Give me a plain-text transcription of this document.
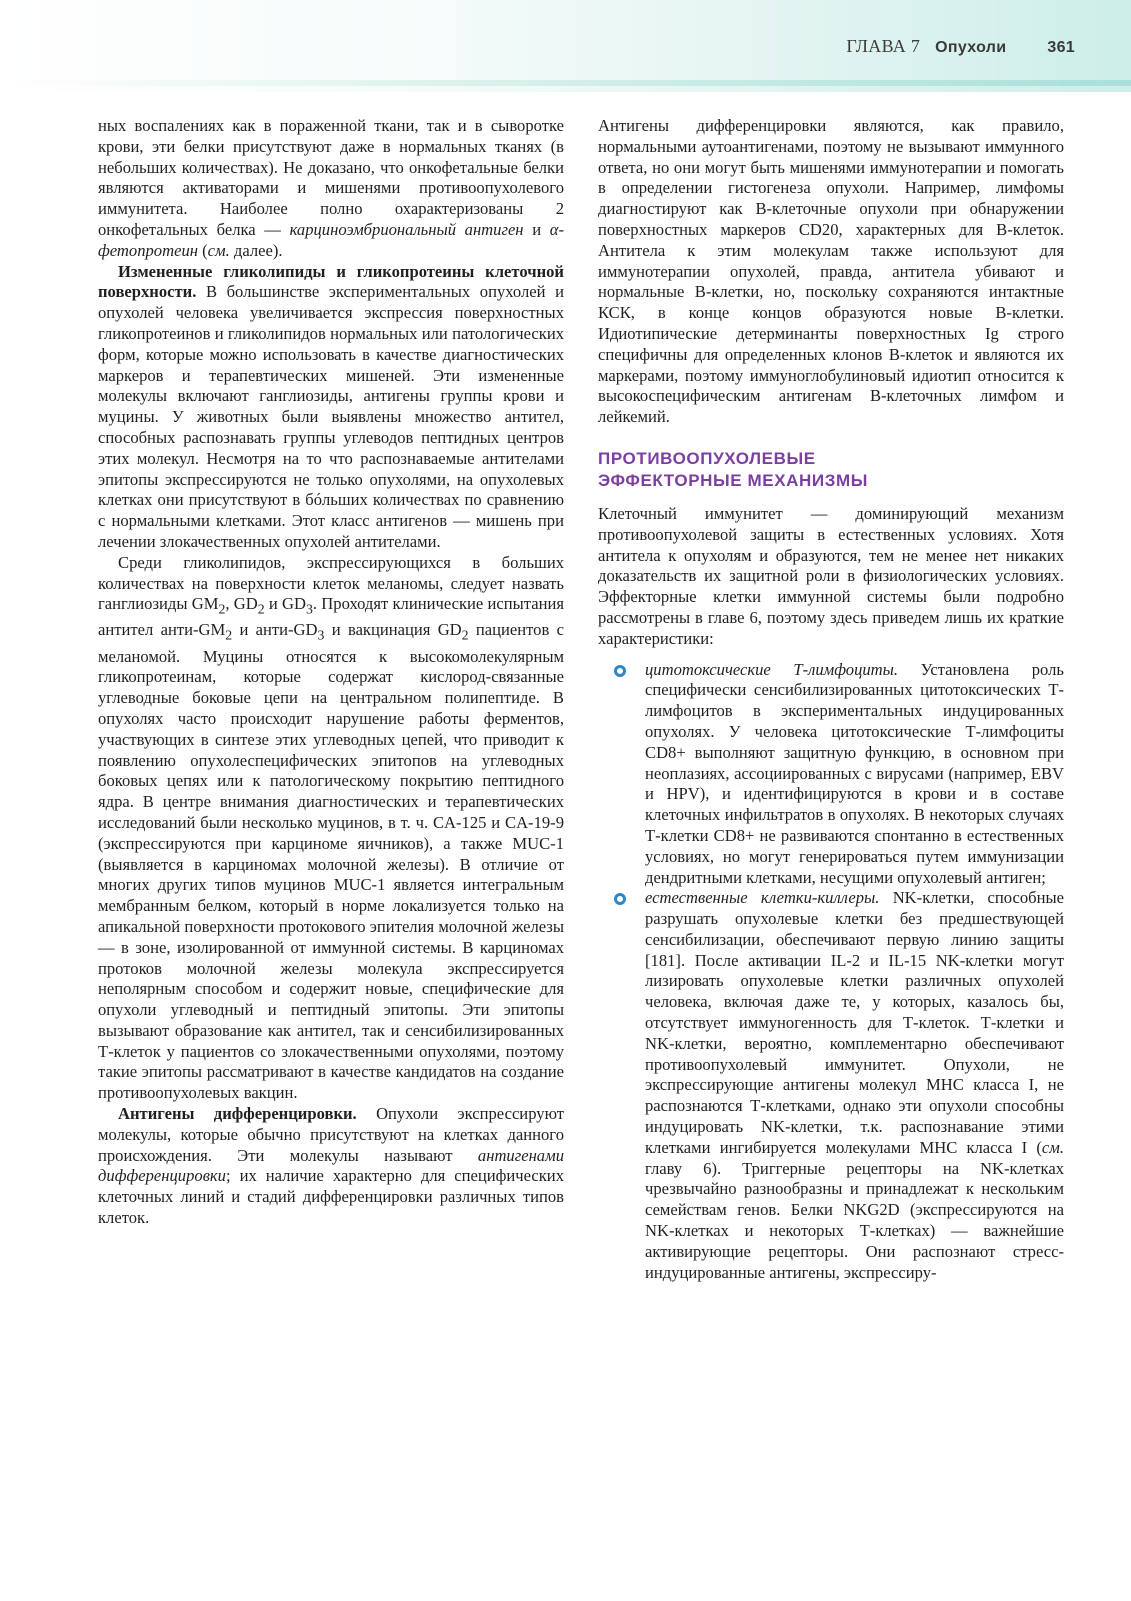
ГЛАВА 7 Опухоли	361

ных воспалениях как в пораженной ткани, так и в сыворотке крови, эти белки присутствуют даже в нормальных тканях (в небольших количествах). Не доказано, что онкофетальные белки являются активаторами и мишенями противоопухолевого иммунитета. Наиболее полно охарактеризованы 2 онкофетальных белка — карциноэмбриональный антиген и α-фетопротеин (см. далее).

Измененные гликолипиды и гликопротеины клеточной поверхности. В большинстве экспериментальных опухолей и опухолей человека увеличивается экспрессия поверхностных гликопротеинов и гликолипидов нормальных или патологических форм, которые можно использовать в качестве диагностических маркеров и терапевтических мишеней. Эти измененные молекулы включают ганглиозиды, антигены группы крови и муцины. У животных были выявлены множество антител, способных распознавать группы углеводов пептидных центров этих молекул. Несмотря на то что распознаваемые антителами эпитопы экспрессируются не только опухолями, на опухолевых клетках они присутствуют в бóльших количествах по сравнению с нормальными клетками. Этот класс антигенов — мишень при лечении злокачественных опухолей антителами.

Среди гликолипидов, экспрессирующихся в больших количествах на поверхности клеток меланомы, следует назвать ганглиозиды $GM_2$, $GD_2$ и $GD_3$. Проходят клинические испытания антител анти-$GM_2$ и анти-$GD_3$ и вакцинация $GD_2$ пациентов с меланомой. Муцины относятся к высокомолекулярным гликопротеинам, которые содержат кислород-связанные углеводные боковые цепи на центральном полипептиде. В опухолях часто происходит нарушение работы ферментов, участвующих в синтезе этих углеводных цепей, что приводит к появлению опухолеспецифических эпитопов на углеводных боковых цепях или к патологическому покрытию пептидного ядра. В центре внимания диагностических и терапевтических исследований были несколько муцинов, в т. ч. CA-125 и CA-19-9 (экспрессируются при карциноме яичников), а также MUC-1 (выявляется в карциномах молочной железы). В отличие от многих других типов муцинов MUC-1 является интегральным мембранным белком, который в норме локализуется только на апикальной поверхности протокового эпителия молочной железы — в зоне, изолированной от иммунной системы. В карциномах протоков молочной железы молекула экспрессируется неполярным способом и содержит новые, специфические для опухоли углеводный и пептидный эпитопы. Эти эпитопы вызывают образование как антител, так и сенсибилизированных Т-клеток у пациентов со злокачественными опухолями, поэтому такие эпитопы рассматривают в качестве кандидатов на создание противоопухолевых вакцин.

Антигены дифференцировки. Опухоли экспрессируют молекулы, которые обычно присутствуют на клетках данного происхождения. Эти молекулы называют антигенами дифференцировки; их наличие характерно для специфических клеточных линий и стадий дифференцировки различных типов клеток.

Антигены дифференцировки являются, как правило, нормальными аутоантигенами, поэтому не вызывают иммунного ответа, но они могут быть мишенями иммунотерапии и помогать в определении гистогенеза опухоли. Например, лимфомы диагностируют как В-клеточные опухоли при обнаружении поверхностных маркеров CD20, характерных для В-клеток. Антитела к этим молекулам также используют для иммунотерапии опухолей, правда, антитела убивают и нормальные В-клетки, но, поскольку сохраняются интактные КСК, в конце концов образуются новые В-клетки. Идиотипические детерминанты поверхностных Ig строго специфичны для определенных клонов В-клеток и являются их маркерами, поэтому иммуноглобулиновый идиотип относится к высокоспецифическим антигенам В-клеточных лимфом и лейкемий.

ПРОТИВООПУХОЛЕВЫЕ
ЭФФЕКТОРНЫЕ МЕХАНИЗМЫ

Клеточный иммунитет — доминирующий механизм противоопухолевой защиты в естественных условиях. Хотя антитела к опухолям и образуются, тем не менее нет никаких доказательств их защитной роли в физиологических условиях. Эффекторные клетки иммунной системы были подробно рассмотрены в главе 6, поэтому здесь приведем лишь их краткие характеристики:

цитотоксические Т-лимфоциты. Установлена роль специфически сенсибилизированных цитотоксических Т-лимфоцитов в экспериментальных индуцированных опухолях. У человека цитотоксические Т-лимфоциты CD8+ выполняют защитную функцию, в основном при неоплазиях, ассоциированных с вирусами (например, EBV и HPV), и идентифицируются в крови и в составе клеточных инфильтратов в опухолях. В некоторых случаях Т-клетки CD8+ не развиваются спонтанно в естественных условиях, но могут генерироваться путем иммунизации дендритными клетками, несущими опухолевый антиген;
естественные клетки-киллеры. NK-клетки, способные разрушать опухолевые клетки без предшествующей сенсибилизации, обеспечивают первую линию защиты [181]. После активации IL-2 и IL-15 NK-клетки могут лизировать опухолевые клетки различных опухолей человека, включая даже те, у которых, казалось бы, отсутствует иммуногенность для Т-клеток. Т-клетки и NK-клетки, вероятно, комплементарно обеспечивают противоопухолевый иммунитет. Опухоли, не экспрессирующие антигены молекул MHC класса I, не распознаются Т-клетками, однако эти опухоли способны индуцировать NK-клетки, т.к. распознавание этими клетками ингибируется молекулами MHC класса I (см. главу 6). Триггерные рецепторы на NK-клетках чрезвычайно разнообразны и принадлежат к нескольким семействам генов. Белки NKG2D (экспрессируются на NK-клетках и некоторых Т-клетках) — важнейшие активирующие рецепторы. Они распознают стресс-индуцированные антигены, экспрессиру-
